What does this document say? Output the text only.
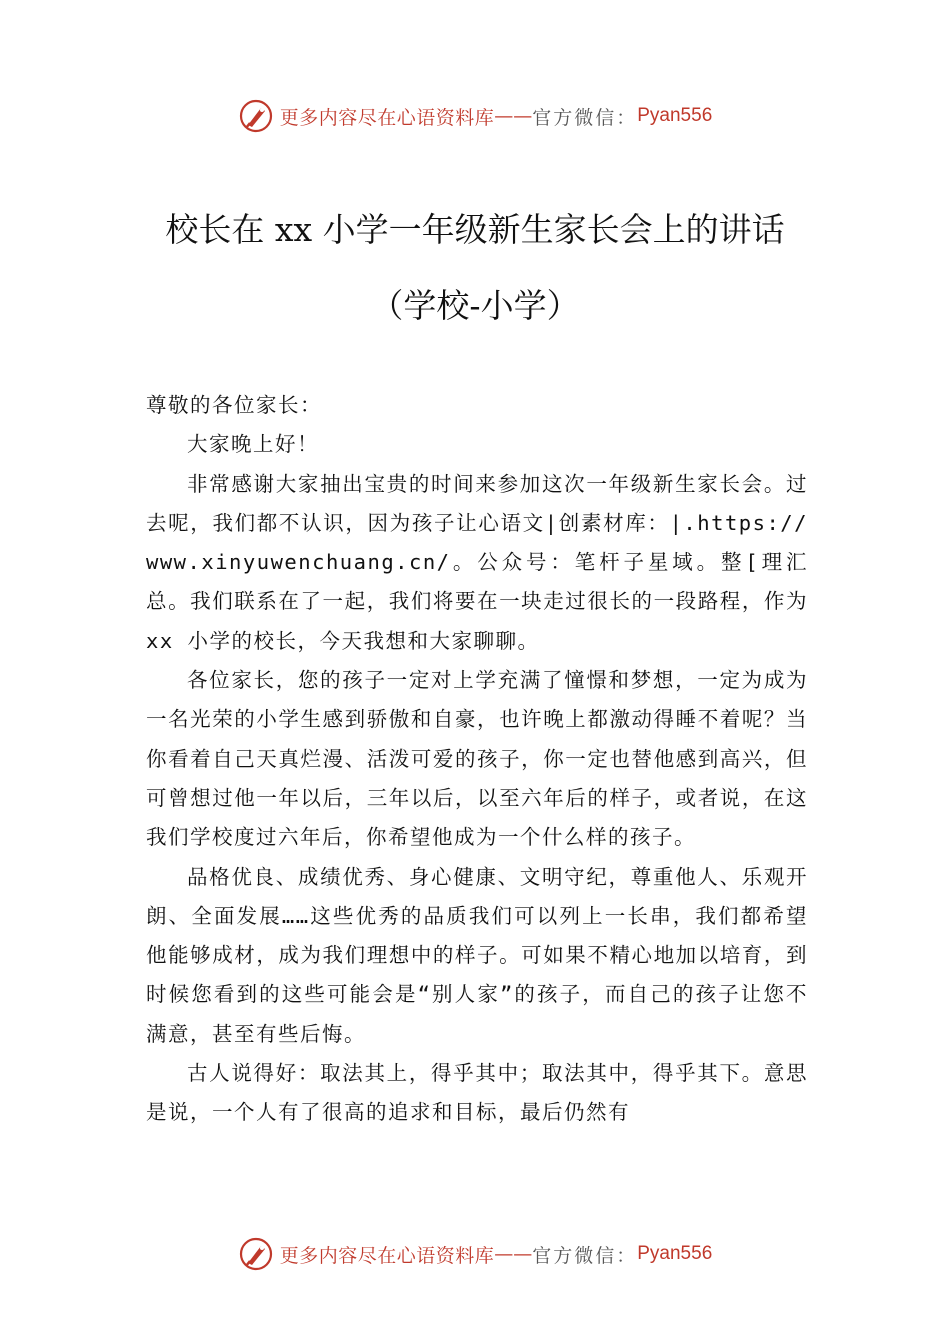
更多内容尽在心语资料库 —— 官方微信： Pyan556
校长在 xx 小学一年级新生家长会上的讲话
（学校-小学）

尊敬的各位家长：

大家晚上好！

非常感谢大家抽出宝贵的时间来参加这次一年级新生家长会。过去呢，我们都不认识，因为孩子让心语文|创素材库：|.https://www.xinyuwenchuang.cn/。公众号：笔杆子星域。整[理汇总。我们联系在了一起，我们将要在一块走过很长的一段路程，作为 xx 小学的校长，今天我想和大家聊聊。

各位家长，您的孩子一定对上学充满了憧憬和梦想，一定为成为一名光荣的小学生感到骄傲和自豪，也许晚上都激动得睡不着呢？当你看着自己天真烂漫、活泼可爱的孩子，你一定也替他感到高兴，但可曾想过他一年以后，三年以后，以至六年后的样子，或者说，在这我们学校度过六年后，你希望他成为一个什么样的孩子。

品格优良、成绩优秀、身心健康、文明守纪，尊重他人、乐观开朗、全面发展……这些优秀的品质我们可以列上一长串，我们都希望他能够成材，成为我们理想中的样子。可如果不精心地加以培育，到时候您看到的这些可能会是“别人家”的孩子，而自己的孩子让您不满意，甚至有些后悔。

古人说得好：取法其上，得乎其中；取法其中，得乎其下。意思是说，一个人有了很高的追求和目标，最后仍然有

更多内容尽在心语资料库 —— 官方微信： Pyan556
